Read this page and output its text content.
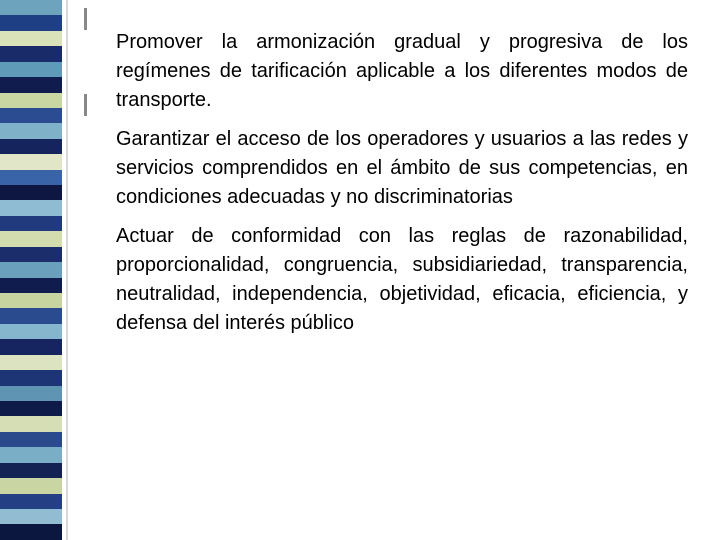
Promover la armonización gradual y progresiva de los regímenes de tarificación aplicable a los diferentes modos de transporte.

Garantizar el acceso de los operadores y usuarios a las redes y servicios comprendidos en el ámbito de sus competencias, en condiciones adecuadas y no discriminatorias

Actuar de conformidad con las reglas de razonabilidad, proporcionalidad, congruencia, subsidiariedad, transparencia, neutralidad, independencia, objetividad, eficacia, eficiencia, y defensa del interés público
